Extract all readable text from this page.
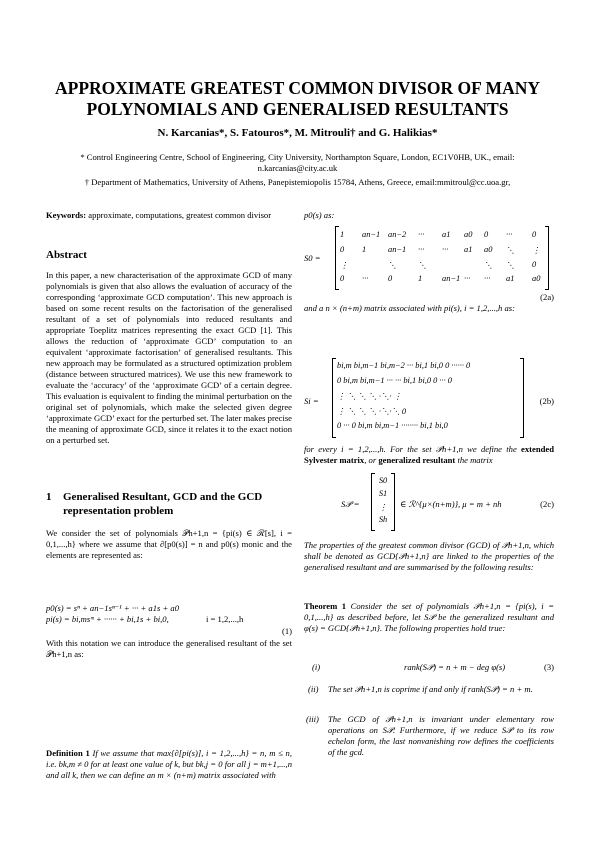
APPROXIMATE GREATEST COMMON DIVISOR OF MANY
POLYNOMIALS AND GENERALISED RESULTANTS
N. Karcanias*, S. Fatouros*, M. Mitrouli† and G. Halikias*
* Control Engineering Centre, School of Engineering, City University, Northampton Square, London, EC1V0HB, UK., email:
n.karcanias@city.ac.uk
† Department of Mathematics, University of Athens, Panepistemiopolis 15784, Athens, Greece, email:mmitroul@cc.uoa.gr,
Keywords: approximate, computations, greatest common divisor
Abstract
In this paper, a new characterisation of the approximate GCD of many polynomials is given that also allows the evaluation of accuracy of the corresponding ‘approximate GCD computation’. This new approach is based on some recent results on the factorisation of the generalised resultant of a set of polynomials into reduced resultants and appropriate Toeplitz matrices representing the exact GCD [1]. This allows the reduction of ‘approximate GCD’ computation to an equivalent ‘approximate factorisation’ of generalised resultants. This new approach may be formulated as a structured optimization problem (distance between structured matrices). We use this new framework to evaluate the ‘accuracy’ of the ‘approximate GCD’ of a certain degree. This evaluation is equivalent to finding the minimal perturbation on the original set of polynomials, which make the selected given degree ‘approximate GCD’ exact for the perturbed set. The later makes precise the meaning of approximate GCD, since it relates it to the exact notion on a perturbed set.
1 Generalised Resultant, GCD and the GCD
representation problem
We consider the set of polynomials 𝒫h+1,n = {pi(s) ∈ ℛ[s], i = 0,1,...,h} where we assume that ∂[p0(s)] = n and p0(s) monic and the elements are represented as:
p0(s) = sⁿ + an−1sⁿ⁻¹ + ··· + a1s + a0
pi(s) = bi,msᵐ + ······ + bi,1s + bi,0,	i = 1,2,...,h
(1)
With this notation we can introduce the generalised resultant of the set 𝒫h+1,n as:
Definition 1 If we assume that max{∂[pi(s)], i = 1,2,...,h} = n, m ≤ n, i.e. bk,m ≠ 0 for at least one value of k, but bk,j = 0 for all j = m+1,...,n and all k, then we can define an m × (n+m) matrix associated with
p0(s) as:
S0 =
1 an−1 an−2 ··· a1 a0 0 ··· 0
0 1	an−1 ··· ··· a1 a0 ⋱ ⋮
⋮	⋱	⋱	⋱ ⋱ 0
0 ··· 0	1 an−1 ··· ··· a1 a0
(2a)
and a n × (n+m) matrix associated with pi(s), i = 1,2,...,h as:
Si =
bi,m bi,m−1 bi,m−2 ··· bi,1 bi,0 0 ······ 0
0 bi,m bi,m−1 ··· ··· bi,1 bi,0 0 ··· 0
⋮ ⋱ ⋱ ⋱ ·⋱· ⋮
⋮ ⋱ ⋱ ⋱ ·⋱·⋱ 0
0 ··· 0 bi,m bi,m−1 ········ bi,1 bi,0
(2b)
for every i = 1,2,...,h. For the set 𝒫h+1,n we define the extended Sylvester matrix, or generalized resultant the matrix
S𝒫 =
S0
S1
⋮
Sh
∈ ℛ^{μ×(n+m)}, μ = m + nh	(2c)
The properties of the greatest common divisor (GCD) of 𝒫h+1,n, which shall be denoted as GCD{𝒫h+1,n} are linked to the properties of the generalised resultant and are summarised by the following results:
Theorem 1 Consider the set of polynomials 𝒫h+1,n = {pi(s), i = 0,1,...,h} as described before, let S𝒫 be the generalized resultant and φ(s) = GCD{𝒫h+1,n}. The following properties hold true:
(i)	rank(S𝒫) = n + m − deg φ(s)	(3)
(ii) The set 𝒫h+1,n is coprime if and only if rank(S𝒫) = n + m.
(iii) The GCD of 𝒫h+1,n is invariant under elementary row operations on S𝒫. Furthermore, if we reduce S𝒫 to its row echelon form, the last nonvanishing row defines the coefficients of the gcd.
